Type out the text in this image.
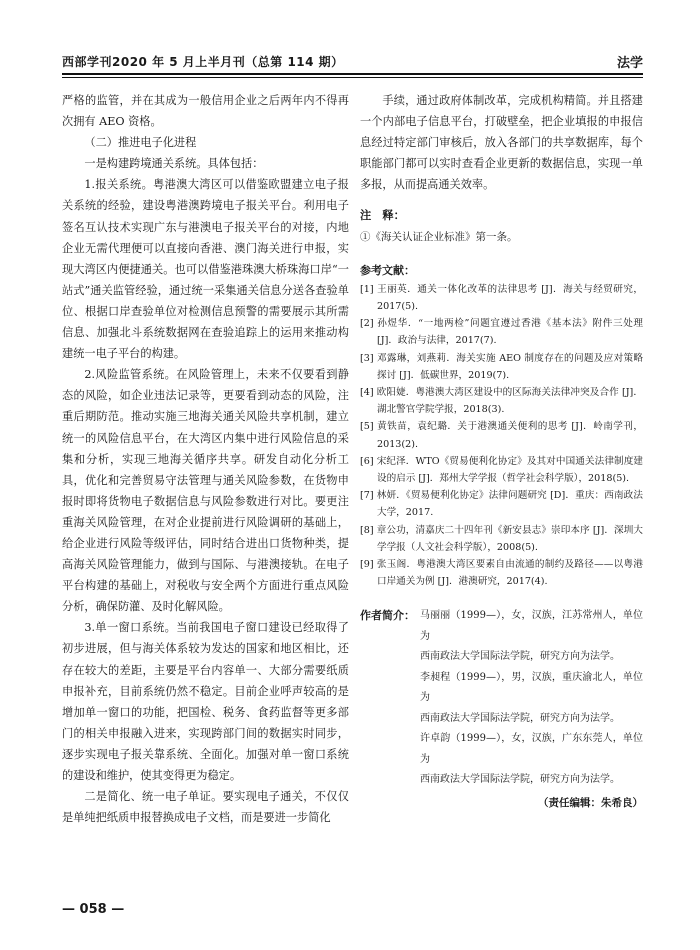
西部学刊2020 年 5 月上半月刊（总第 114 期）	法学

严格的监管，并在其成为一般信用企业之后两年内不得再次拥有 AEO 资格。

（二）推进电子化进程

一是构建跨境通关系统。具体包括：

1.报关系统。粤港澳大湾区可以借鉴欧盟建立电子报关系统的经验，建设粤港澳跨境电子报关平台。利用电子签名互认技术实现广东与港澳电子报关平台的对接，内地企业无需代理便可以直接向香港、澳门海关进行申报，实现大湾区内便捷通关。也可以借鉴港珠澳大桥珠海口岸“一站式”通关监管经验，通过统一采集通关信息分送各查验单位、根据口岸查验单位对检测信息预警的需要展示其所需信息、加强北斗系统数据网在查验追踪上的运用来推动构建统一电子平台的构建。

2.风险监管系统。在风险管理上，未来不仅要看到静态的风险，如企业违法记录等，更要看到动态的风险，注重后期防范。推动实施三地海关通关风险共享机制，建立统一的风险信息平台，在大湾区内集中进行风险信息的采集和分析，实现三地海关循序共享。研发自动化分析工具，优化和完善贸易守法管理与通关风险参数，在货物申报时即将货物电子数据信息与风险参数进行对比。要更注重海关风险管理，在对企业提前进行风险调研的基础上，给企业进行风险等级评估，同时结合进出口货物种类，提高海关风险管理能力，做到与国际、与港澳接轨。在电子平台构建的基础上，对税收与安全两个方面进行重点风险分析，确保防灌、及时化解风险。

3.单一窗口系统。当前我国电子窗口建设已经取得了初步进展，但与海关体系较为发达的国家和地区相比，还存在较大的差距，主要是平台内容单一、大部分需要纸质申报补充，目前系统仍然不稳定。目前企业呼声较高的是增加单一窗口的功能，把国检、税务、食药监督等更多部门的相关申报融入进来，实现跨部门间的数据实时同步，逐步实现电子报关靠系统、全面化。加强对单一窗口系统的建设和维护，使其变得更为稳定。

二是简化、统一电子单证。要实现电子通关，不仅仅是单纯把纸质申报替换成电子文档，而是要进一步简化

手续，通过政府体制改革，完成机构精简。并且搭建一个内部电子信息平台，打破壁垒，把企业填报的申报信息经过特定部门审核后，放入各部门的共享数据库，每个职能部门都可以实时查看企业更新的数据信息，实现一单多报，从而提高通关效率。

注　释：

①《海关认证企业标准》第一条。

参考文献：

[1] 王丽英．通关一体化改革的法律思考 [J]．海关与经贸研究，2017(5).
[2] 孙煜华．“一地两检”问题宜遵过香港《基本法》附件三处理 [J]．政治与法律，2017(7).
[3] 邓露琳，刘燕莉．海关实施 AEO 制度存在的问题及应对策略探讨 [J]．低碳世界，2019(7).
[4] 欧阳婕．粤港澳大湾区建设中的区际海关法律冲突及合作 [J]．湖北警官学院学报，2018(3).
[5] 黄铁苗，袁纪璐．关于港澳通关便利的思考 [J]．岭南学刊，2013(2).
[6] 宋纪泽．WTO《贸易便利化协定》及其对中国通关法律制度建设的启示 [J]．郑州大学学报（哲学社会科学版），2018(5).
[7] 林妍．《贸易便利化协定》法律问题研究 [D]．重庆：西南政法大学，2017.
[8] 章公功，清嘉庆二十四年刊《新安县志》崇印本序 [J]．深圳大学学报（人文社会科学版），2008(5).
[9] 张玉阁．粤港澳大湾区要素自由流通的制约及路径——以粤港口岸通关为例 [J]．港澳研究，2017(4).
作者简介： 马丽丽（1999—），女，汉族，江苏常州人，单位为
西南政法大学国际法学院，研究方向为法学。
李昶程（1999—），男，汉族，重庆渝北人，单位为
西南政法大学国际法学院，研究方向为法学。
许卓韵（1999—），女，汉族，广东东莞人，单位为
西南政法大学国际法学院，研究方向为法学。
（责任编辑：朱希良）
— 058 —
